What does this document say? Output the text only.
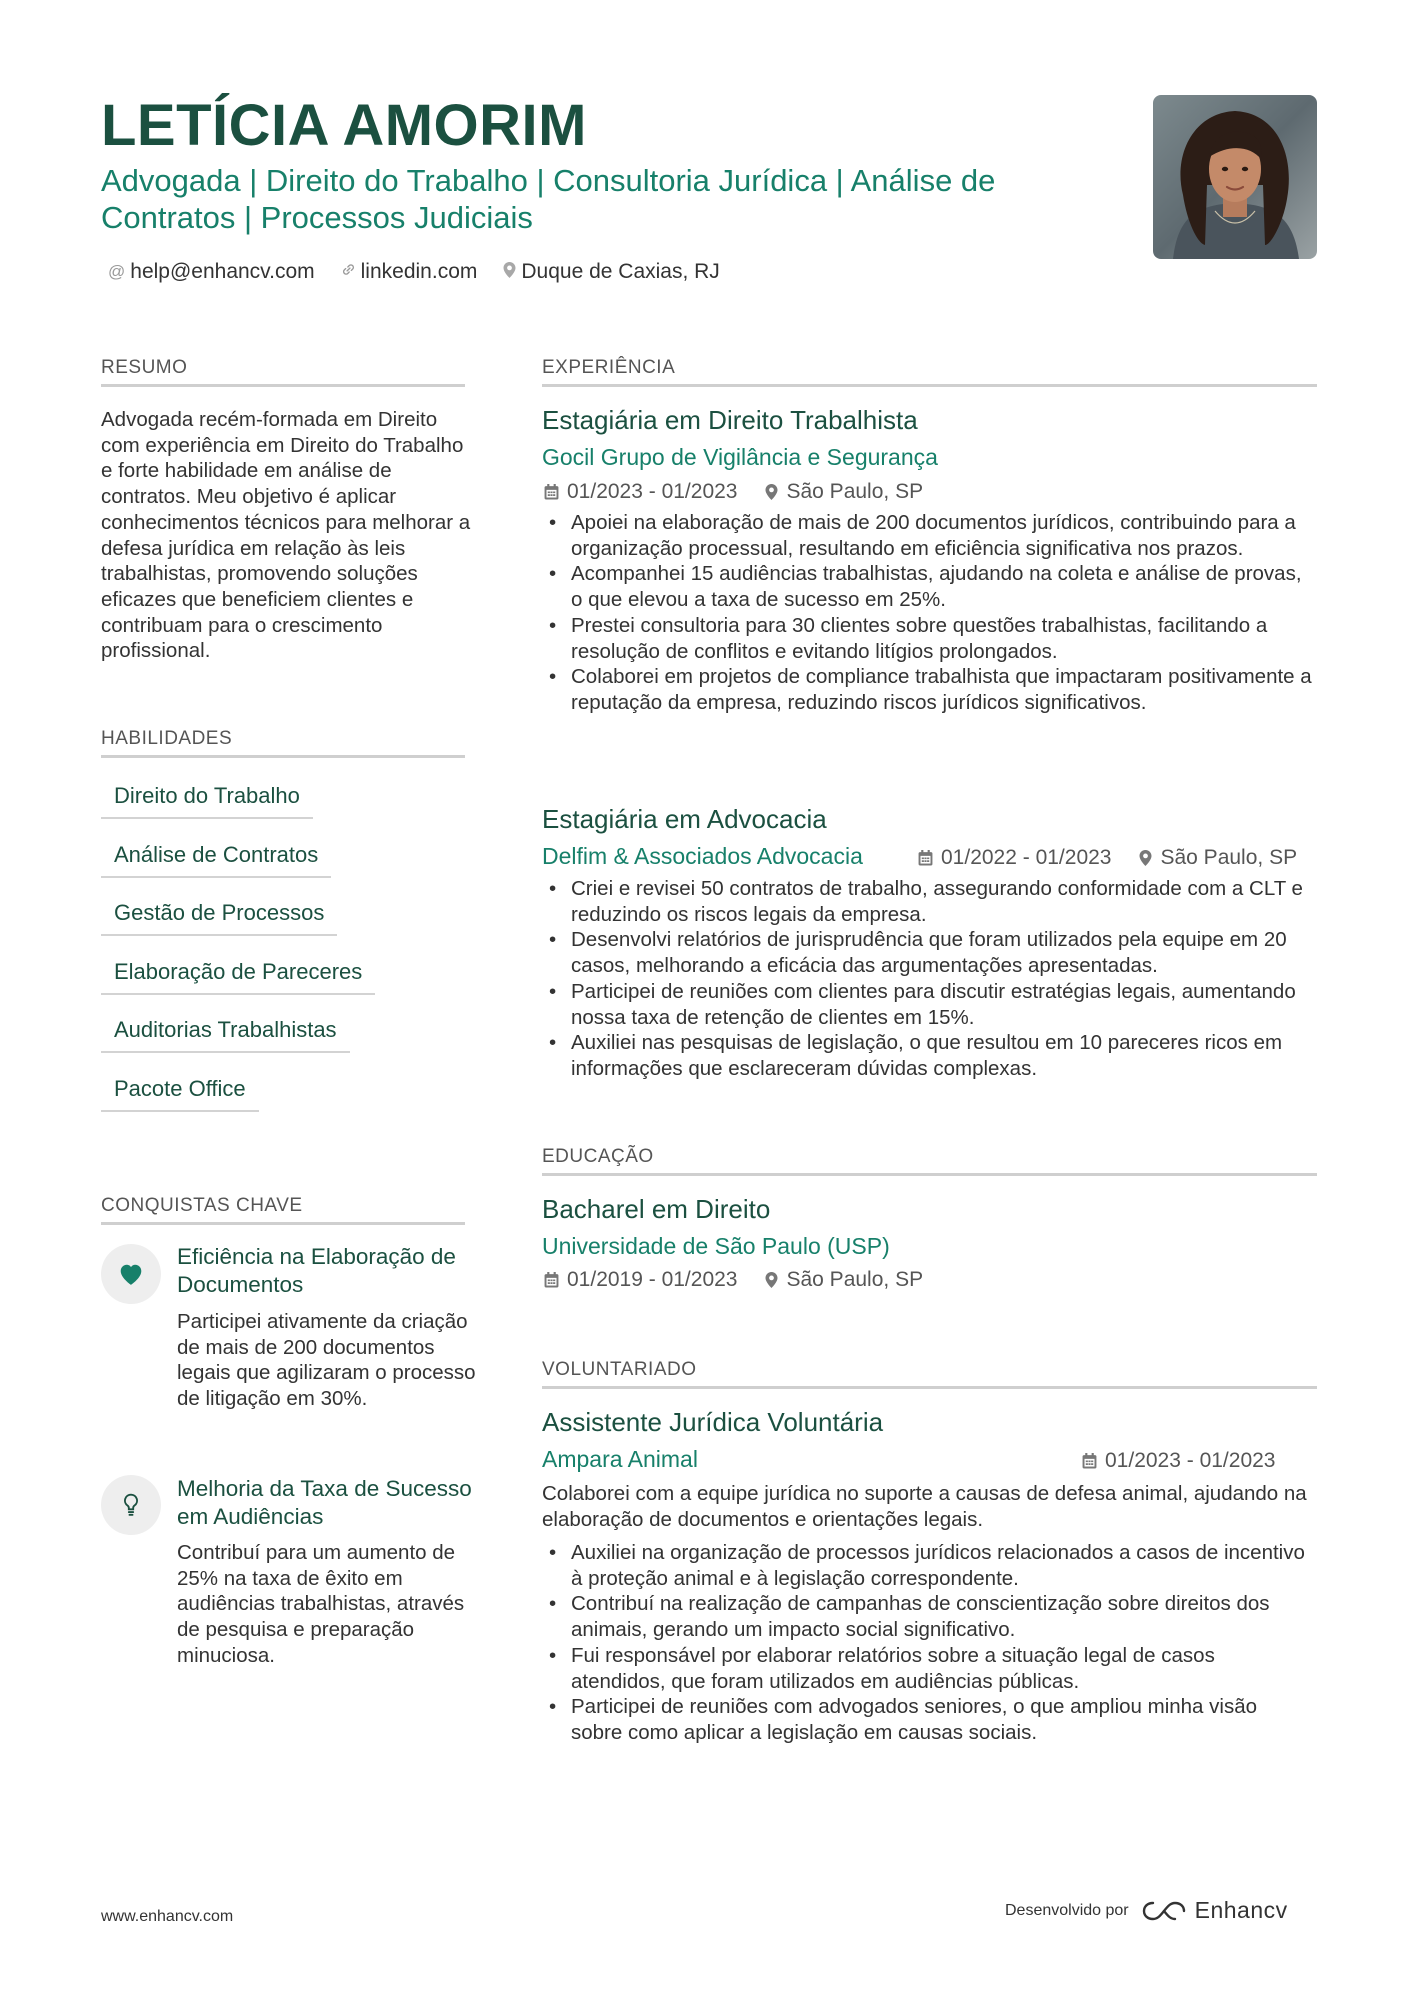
LETÍCIA AMORIM
Advogada | Direito do Trabalho | Consultoria Jurídica | Análise de Contratos | Processos Judiciais
@ help@enhancv.com linkedin.com Duque de Caxias, RJ
RESUMO
Advogada recém-formada em Direito com experiência em Direito do Trabalho e forte habilidade em análise de contratos. Meu objetivo é aplicar conhecimentos técnicos para melhorar a defesa jurídica em relação às leis trabalhistas, promovendo soluções eficazes que beneficiem clientes e contribuam para o crescimento profissional.
HABILIDADES
Direito do Trabalho
Análise de Contratos
Gestão de Processos
Elaboração de Pareceres
Auditorias Trabalhistas
Pacote Office
CONQUISTAS CHAVE
Eficiência na Elaboração de Documentos
Participei ativamente da criação de mais de 200 documentos legais que agilizaram o processo de litigação em 30%.
Melhoria da Taxa de Sucesso em Audiências
Contribuí para um aumento de 25% na taxa de êxito em audiências trabalhistas, através de pesquisa e preparação minuciosa.
EXPERIÊNCIA
Estagiária em Direito Trabalhista
Gocil Grupo de Vigilância e Segurança
01/2023 - 01/2023 São Paulo, SP
• Apoiei na elaboração de mais de 200 documentos jurídicos, contribuindo para a organização processual, resultando em eficiência significativa nos prazos.
• Acompanhei 15 audiências trabalhistas, ajudando na coleta e análise de provas, o que elevou a taxa de sucesso em 25%.
• Prestei consultoria para 30 clientes sobre questões trabalhistas, facilitando a resolução de conflitos e evitando litígios prolongados.
• Colaborei em projetos de compliance trabalhista que impactaram positivamente a reputação da empresa, reduzindo riscos jurídicos significativos.
Estagiária em Advocacia
Delfim & Associados Advocacia	01/2022 - 01/2023 São Paulo, SP
• Criei e revisei 50 contratos de trabalho, assegurando conformidade com a CLT e reduzindo os riscos legais da empresa.
• Desenvolvi relatórios de jurisprudência que foram utilizados pela equipe em 20 casos, melhorando a eficácia das argumentações apresentadas.
• Participei de reuniões com clientes para discutir estratégias legais, aumentando nossa taxa de retenção de clientes em 15%.
• Auxiliei nas pesquisas de legislação, o que resultou em 10 pareceres ricos em informações que esclareceram dúvidas complexas.
EDUCAÇÃO
Bacharel em Direito
Universidade de São Paulo (USP)
01/2019 - 01/2023 São Paulo, SP
VOLUNTARIADO
Assistente Jurídica Voluntária
Ampara Animal	01/2023 - 01/2023
Colaborei com a equipe jurídica no suporte a causas de defesa animal, ajudando na elaboração de documentos e orientações legais.
• Auxiliei na organização de processos jurídicos relacionados a casos de incentivo à proteção animal e à legislação correspondente.
• Contribuí na realização de campanhas de conscientização sobre direitos dos animais, gerando um impacto social significativo.
• Fui responsável por elaborar relatórios sobre a situação legal de casos atendidos, que foram utilizados em audiências públicas.
• Participei de reuniões com advogados seniores, o que ampliou minha visão sobre como aplicar a legislação em causas sociais.
www.enhancv.com	Desenvolvido por	Enhancv
